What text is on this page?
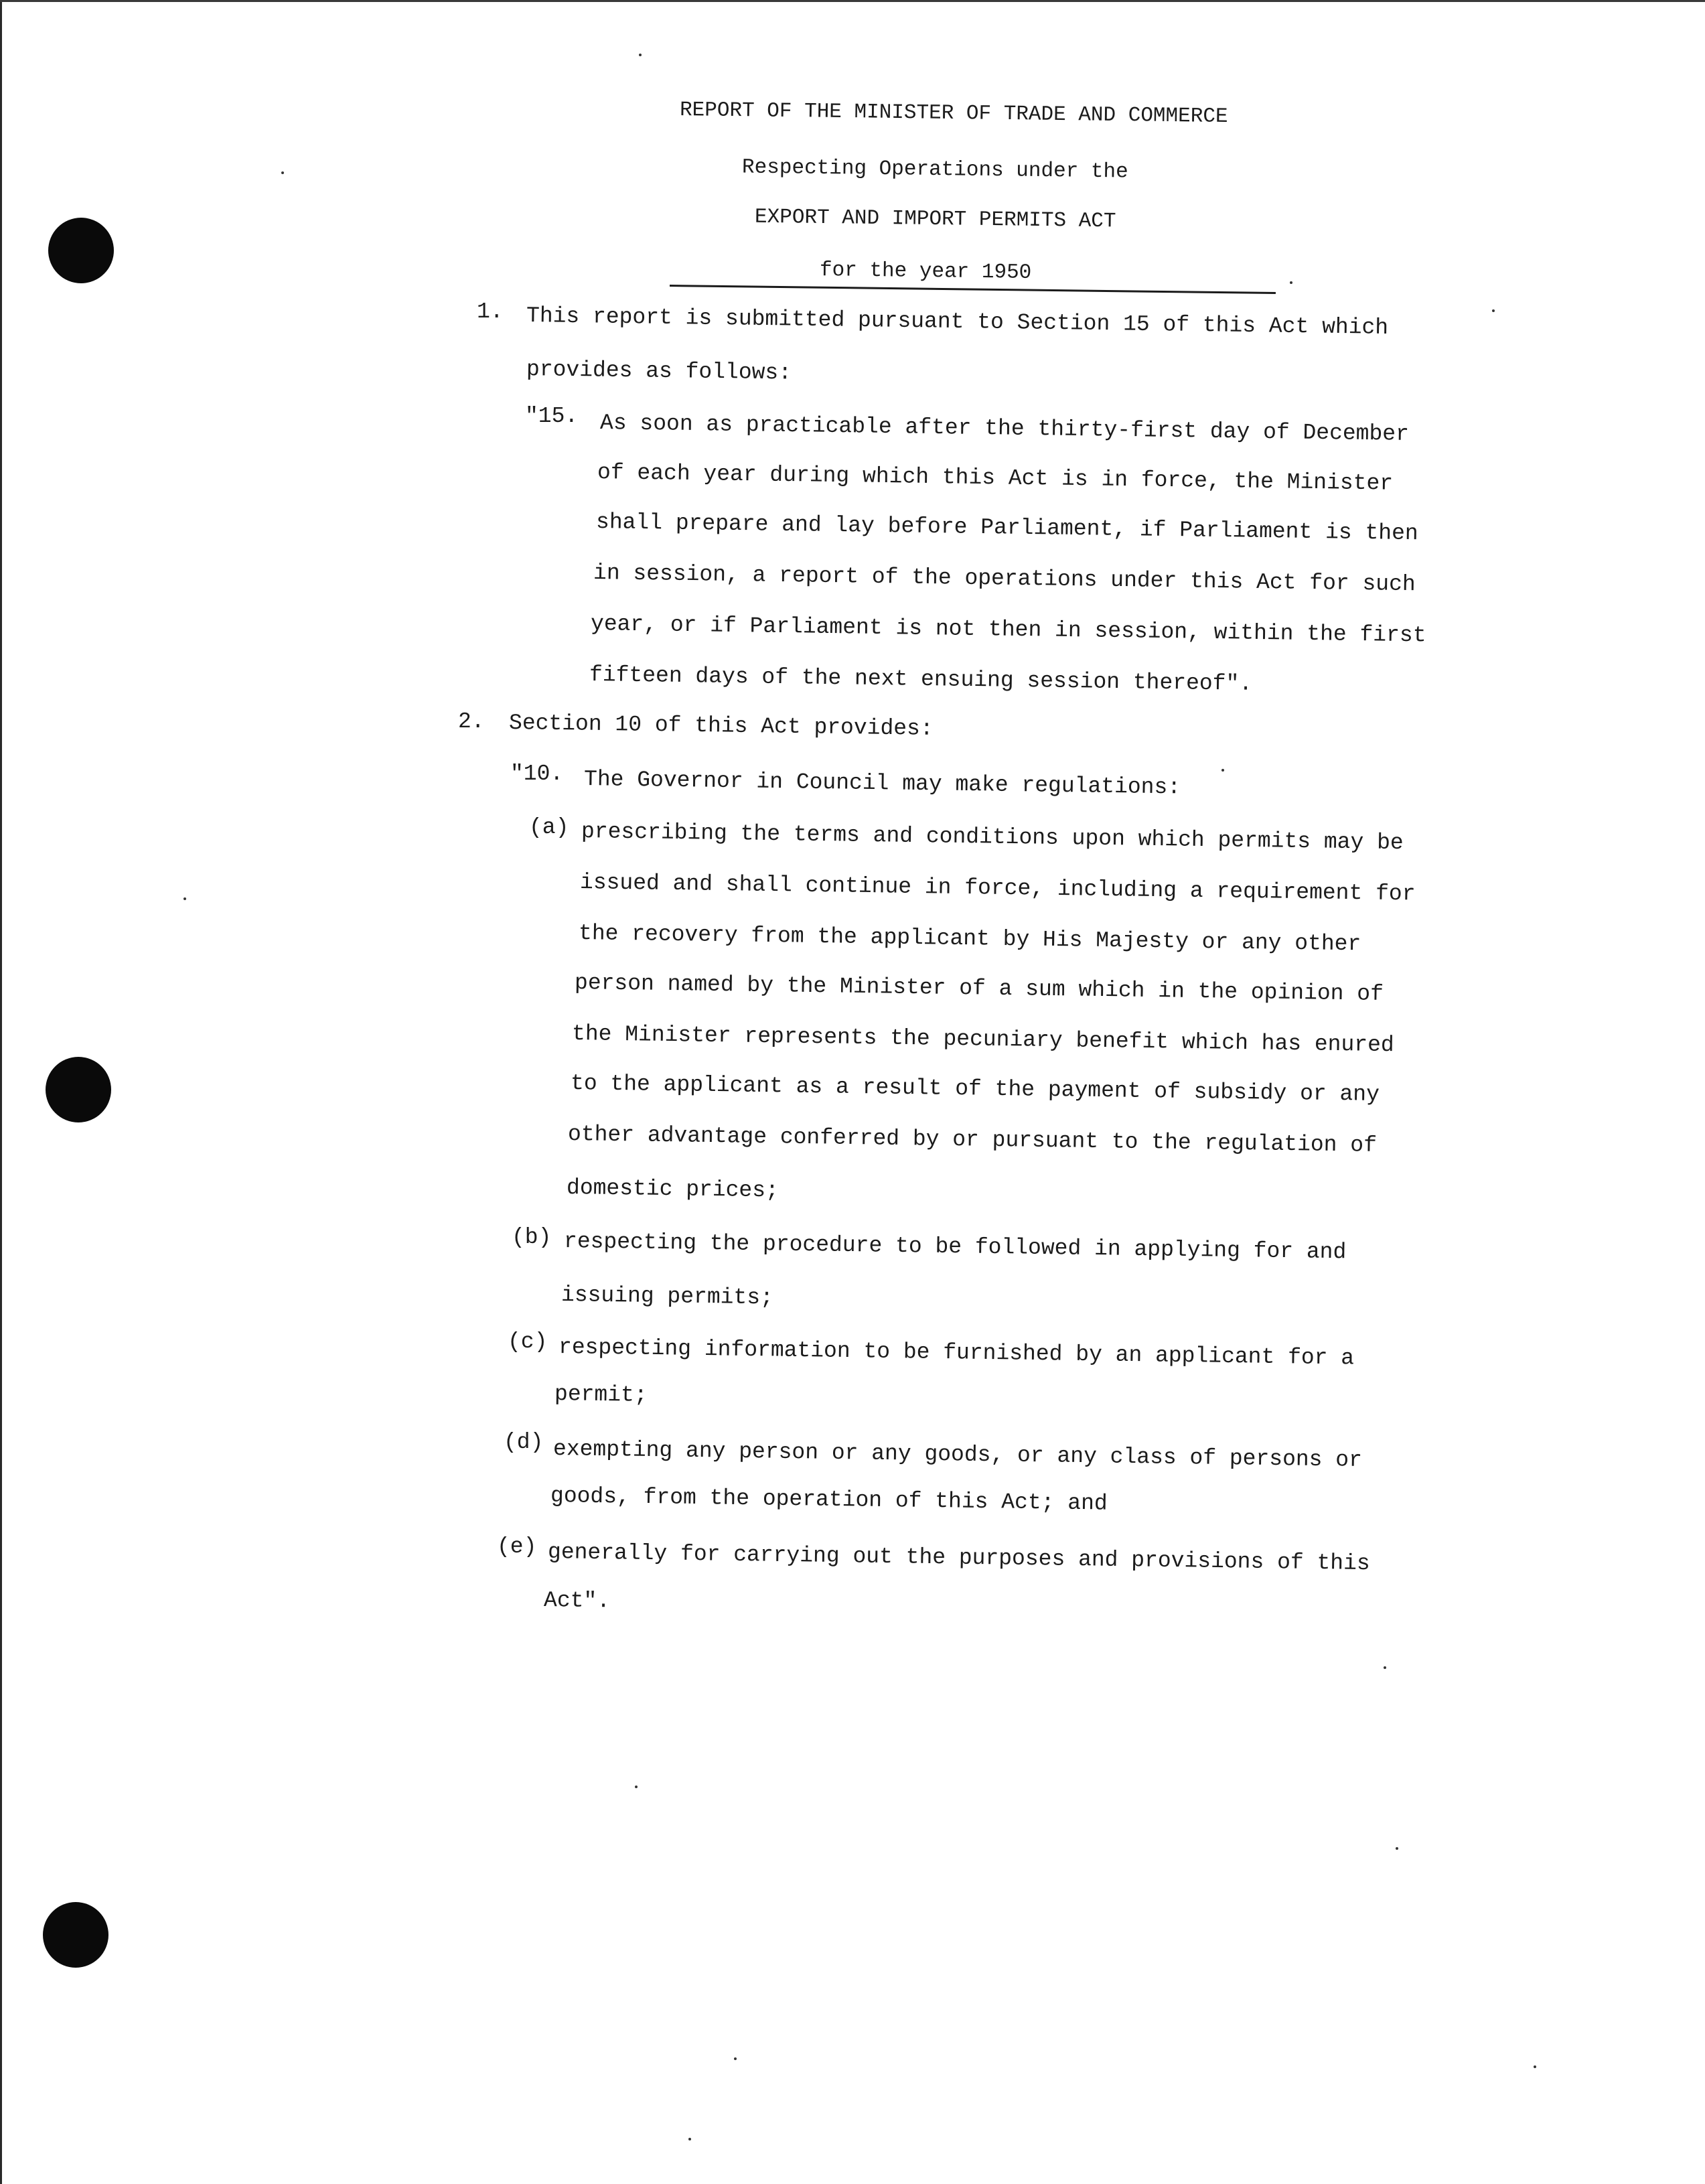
REPORT OF THE MINISTER OF TRADE AND COMMERCE
Respecting Operations under the
EXPORT AND IMPORT PERMITS ACT
for the year 1950
1. This report is submitted pursuant to Section 15 of this Act which
provides as follows:
"15. As soon as practicable after the thirty-first day of December
of each year during which this Act is in force, the Minister
shall prepare and lay before Parliament, if Parliament is then
in session, a report of the operations under this Act for such
year, or if Parliament is not then in session, within the first
fifteen days of the next ensuing session thereof".
2. Section 10 of this Act provides:
"10. The Governor in Council may make regulations:
(a) prescribing the terms and conditions upon which permits may be
issued and shall continue in force, including a requirement for
the recovery from the applicant by His Majesty or any other
person named by the Minister of a sum which in the opinion of
the Minister represents the pecuniary benefit which has enured
to the applicant as a result of the payment of subsidy or any
other advantage conferred by or pursuant to the regulation of
domestic prices;
(b) respecting the procedure to be followed in applying for and
issuing permits;
(c) respecting information to be furnished by an applicant for a
permit;
(d) exempting any person or any goods, or any class of persons or
goods, from the operation of this Act; and
(e) generally for carrying out the purposes and provisions of this
Act".
